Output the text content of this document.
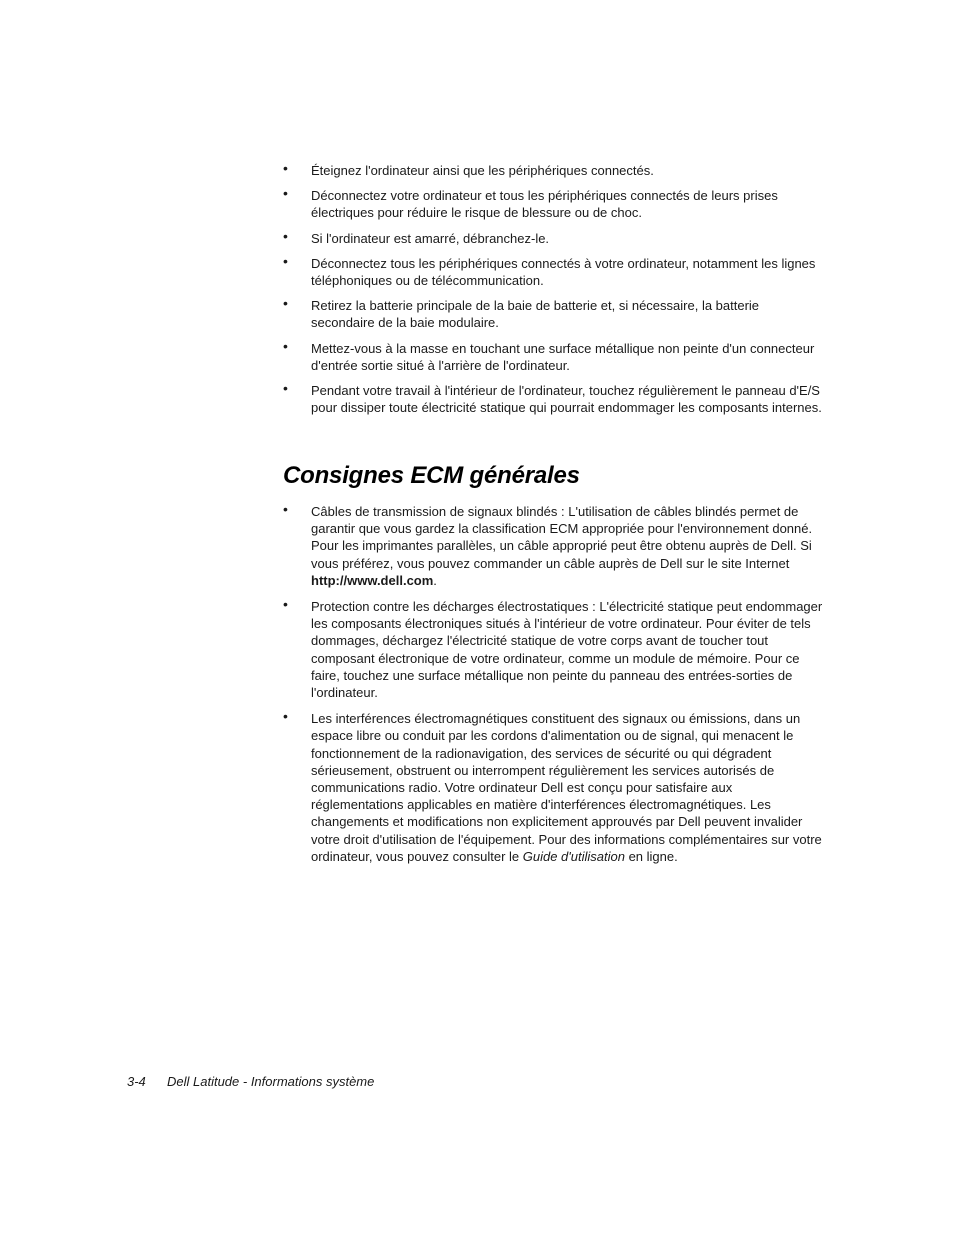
• Éteignez l'ordinateur ainsi que les périphériques connectés.
• Déconnectez votre ordinateur et tous les périphériques connectés de leurs prises électriques pour réduire le risque de blessure ou de choc.
• Si l'ordinateur est amarré, débranchez-le.
• Déconnectez tous les périphériques connectés à votre ordinateur, notamment les lignes téléphoniques ou de télécommunication.
• Retirez la batterie principale de la baie de batterie et, si nécessaire, la batterie secondaire de la baie modulaire.
• Mettez-vous à la masse en touchant une surface métallique non peinte d'un connecteur d'entrée sortie situé à l'arrière de l'ordinateur.
• Pendant votre travail à l'intérieur de l'ordinateur, touchez régulièrement le panneau d'E/S pour dissiper toute électricité statique qui pourrait endommager les composants internes.
Consignes ECM générales
• Câbles de transmission de signaux blindés : L'utilisation de câbles blindés permet de garantir que vous gardez la classification ECM appropriée pour l'environnement donné. Pour les imprimantes parallèles, un câble approprié peut être obtenu auprès de Dell. Si vous préférez, vous pouvez commander un câble auprès de Dell sur le site Internet http://www.dell.com.
• Protection contre les décharges électrostatiques : L'électricité statique peut endommager les composants électroniques situés à l'intérieur de votre ordinateur. Pour éviter de tels dommages, déchargez l'électricité statique de votre corps avant de toucher tout composant électronique de votre ordinateur, comme un module de mémoire. Pour ce faire, touchez une surface métallique non peinte du panneau des entrées-sorties de l'ordinateur.
• Les interférences électromagnétiques constituent des signaux ou émissions, dans un espace libre ou conduit par les cordons d'alimentation ou de signal, qui menacent le fonctionnement de la radionavigation, des services de sécurité ou qui dégradent sérieusement, obstruent ou interrompent régulièrement les services autorisés de communications radio. Votre ordinateur Dell est conçu pour satisfaire aux réglementations applicables en matière d'interférences électromagnétiques. Les changements et modifications non explicitement approuvés par Dell peuvent invalider votre droit d'utilisation de l'équipement. Pour des informations complémentaires sur votre ordinateur, vous pouvez consulter le Guide d'utilisation en ligne.
3-4 Dell Latitude - Informations système
